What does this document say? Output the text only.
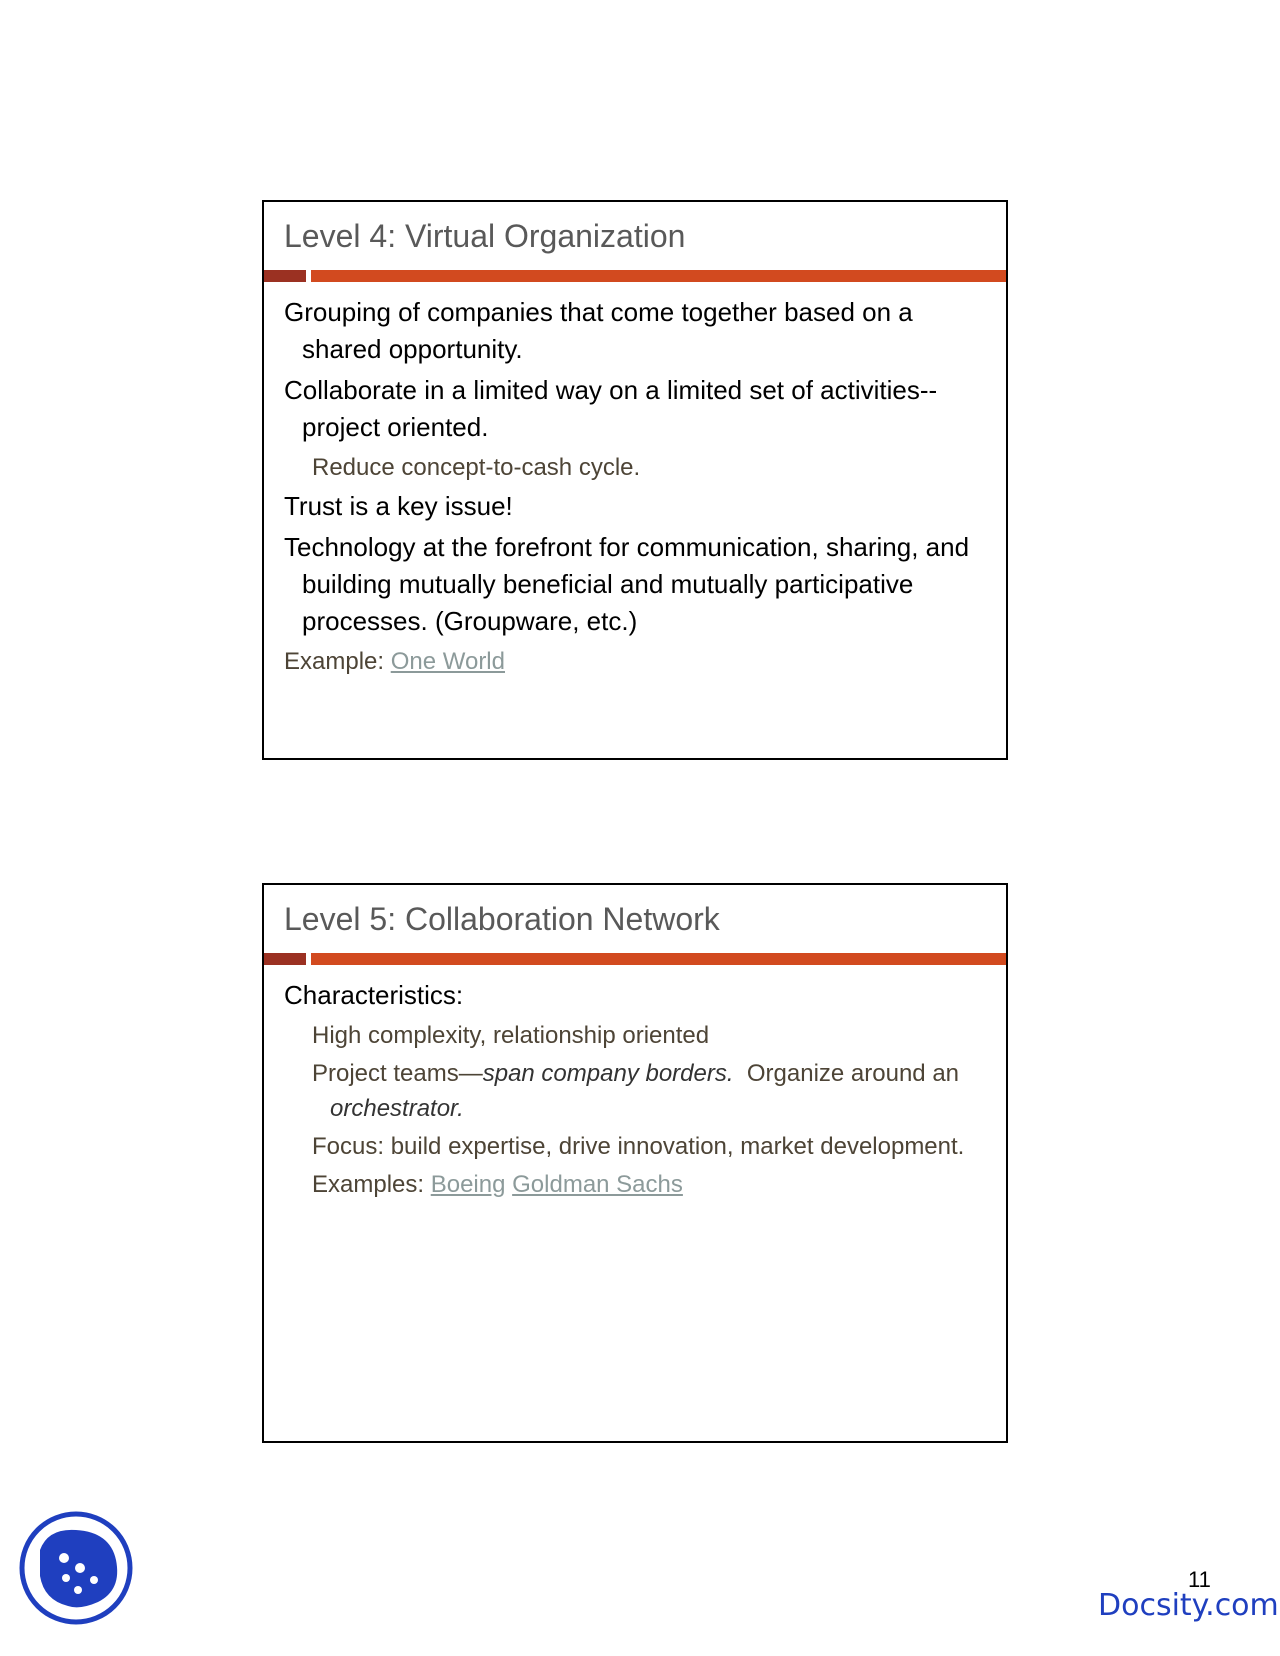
Level 4: Virtual Organization

Grouping of companies that come together based on a shared opportunity.

Collaborate in a limited way on a limited set of activities--project oriented.

Reduce concept-to-cash cycle.

Trust is a key issue!

Technology at the forefront for communication, sharing, and building mutually beneficial and mutually participative processes. (Groupware, etc.)

Example: One World

Level 5: Collaboration Network

Characteristics:

High complexity, relationship oriented

Project teams—span company borders.  Organize around an orchestrator.

Focus: build expertise, drive innovation, market development.

Examples: Boeing Goldman Sachs

11
Docsity.com
